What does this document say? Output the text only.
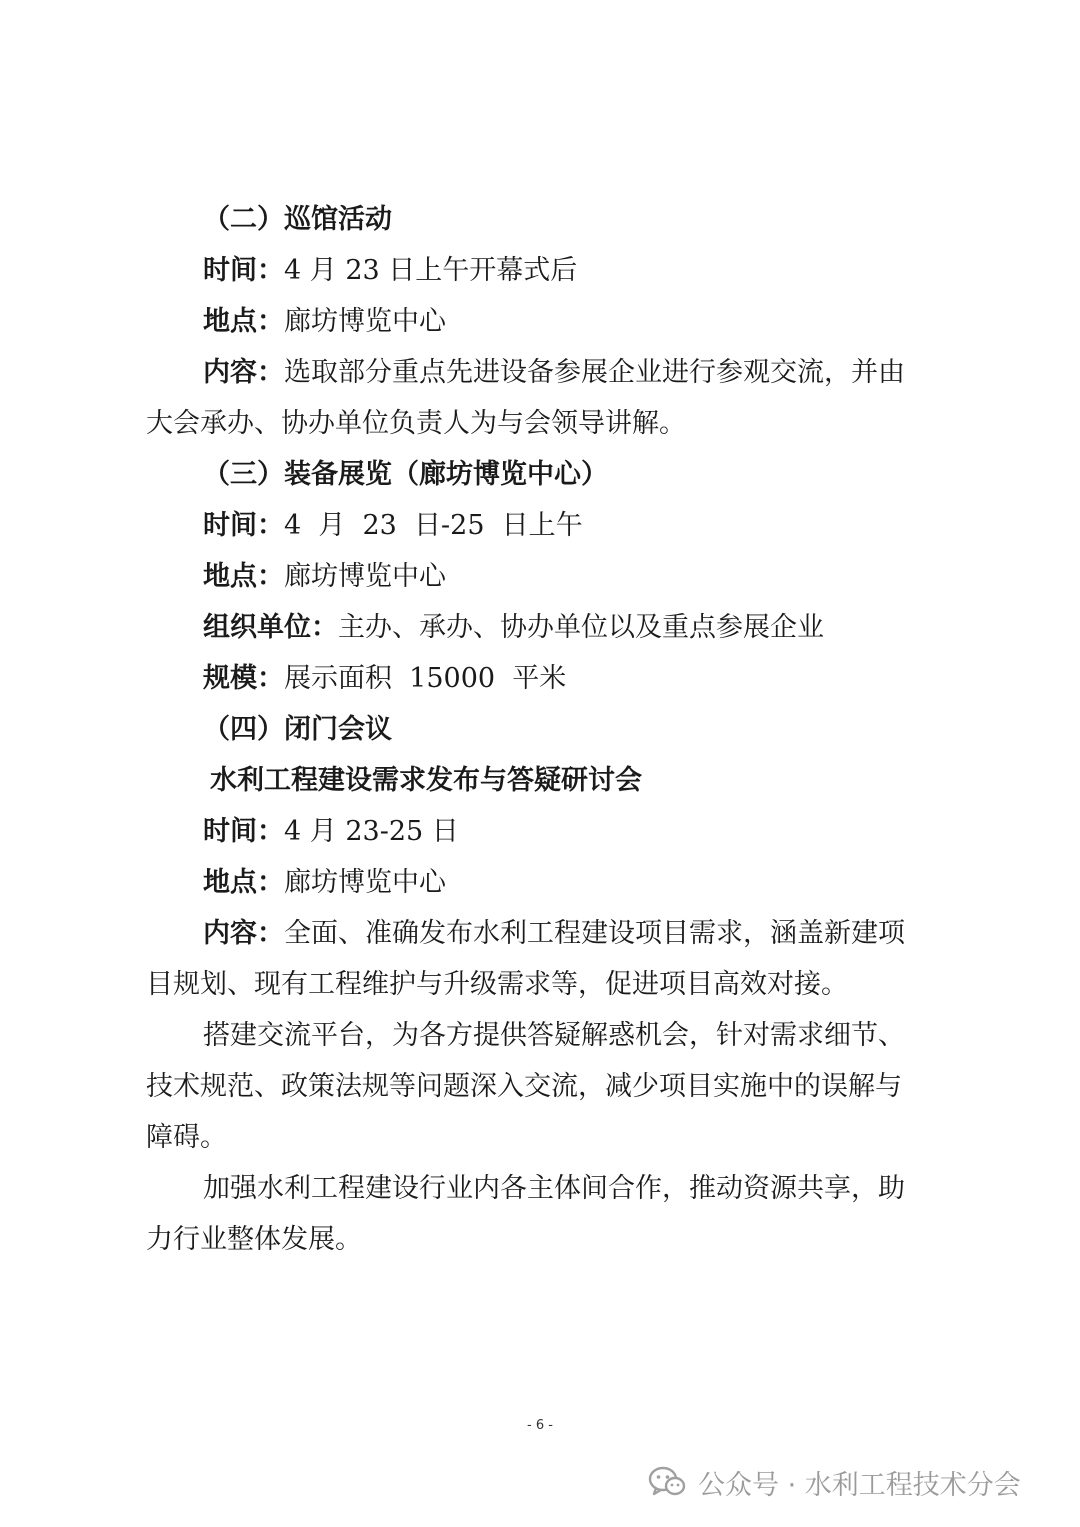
（二）巡馆活动
时间：4 月 23 日上午开幕式后
地点：廊坊博览中心
内容：选取部分重点先进设备参展企业进行参观交流，并由
大会承办、协办单位负责人为与会领导讲解。
（三）装备展览（廊坊博览中心）
时间：4  月  23  日-25  日上午
地点：廊坊博览中心
组织单位：主办、承办、协办单位以及重点参展企业
规模：展示面积  15000  平米
（四）闭门会议
水利工程建设需求发布与答疑研讨会
时间：4 月 23-25 日
地点：廊坊博览中心
内容：全面、准确发布水利工程建设项目需求，涵盖新建项
目规划、现有工程维护与升级需求等，促进项目高效对接。
搭建交流平台，为各方提供答疑解惑机会，针对需求细节、
技术规范、政策法规等问题深入交流，减少项目实施中的误解与
障碍。
加强水利工程建设行业内各主体间合作，推动资源共享，助
力行业整体发展。
- 6 -
公众号 · 水利工程技术分会
